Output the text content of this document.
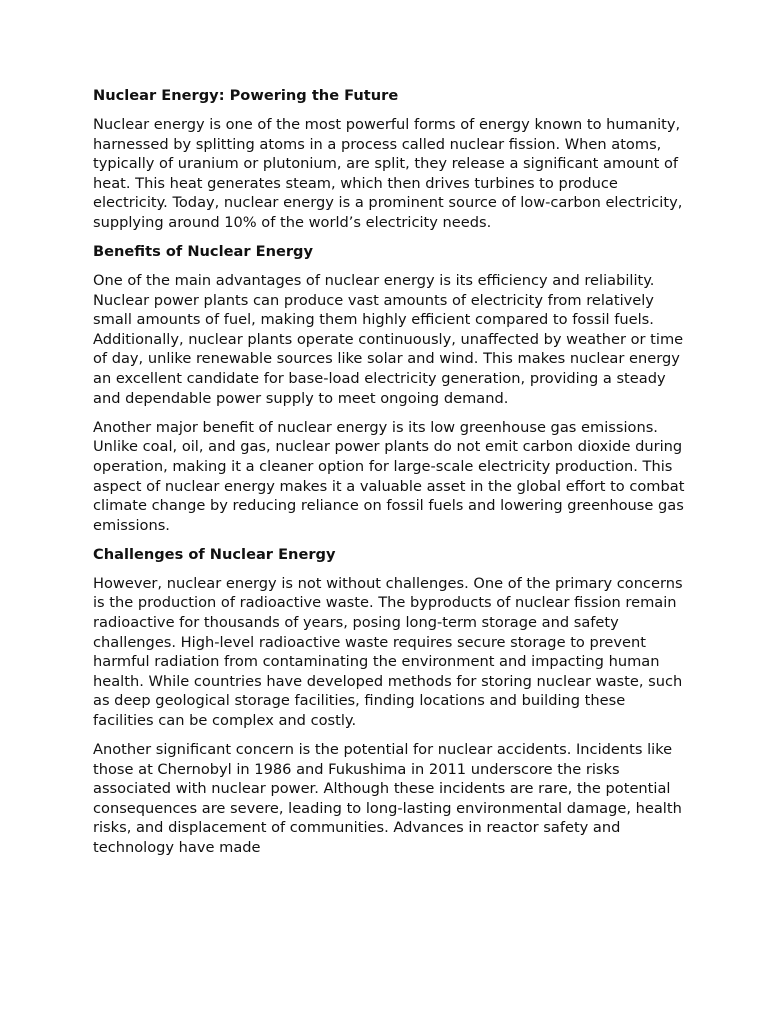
Nuclear Energy: Powering the Future

Nuclear energy is one of the most powerful forms of energy known to humanity, harnessed by splitting atoms in a process called nuclear fission. When atoms, typically of uranium or plutonium, are split, they release a significant amount of heat. This heat generates steam, which then drives turbines to produce electricity. Today, nuclear energy is a prominent source of low-carbon electricity, supplying around 10% of the world’s electricity needs.

Benefits of Nuclear Energy

One of the main advantages of nuclear energy is its efficiency and reliability. Nuclear power plants can produce vast amounts of electricity from relatively small amounts of fuel, making them highly efficient compared to fossil fuels. Additionally, nuclear plants operate continuously, unaffected by weather or time of day, unlike renewable sources like solar and wind. This makes nuclear energy an excellent candidate for base-load electricity generation, providing a steady and dependable power supply to meet ongoing demand.

Another major benefit of nuclear energy is its low greenhouse gas emissions. Unlike coal, oil, and gas, nuclear power plants do not emit carbon dioxide during operation, making it a cleaner option for large-scale electricity production. This aspect of nuclear energy makes it a valuable asset in the global effort to combat climate change by reducing reliance on fossil fuels and lowering greenhouse gas emissions.

Challenges of Nuclear Energy

However, nuclear energy is not without challenges. One of the primary concerns is the production of radioactive waste. The byproducts of nuclear fission remain radioactive for thousands of years, posing long-term storage and safety challenges. High-level radioactive waste requires secure storage to prevent harmful radiation from contaminating the environment and impacting human health. While countries have developed methods for storing nuclear waste, such as deep geological storage facilities, finding locations and building these facilities can be complex and costly.

Another significant concern is the potential for nuclear accidents. Incidents like those at Chernobyl in 1986 and Fukushima in 2011 underscore the risks associated with nuclear power. Although these incidents are rare, the potential consequences are severe, leading to long-lasting environmental damage, health risks, and displacement of communities. Advances in reactor safety and technology have made
